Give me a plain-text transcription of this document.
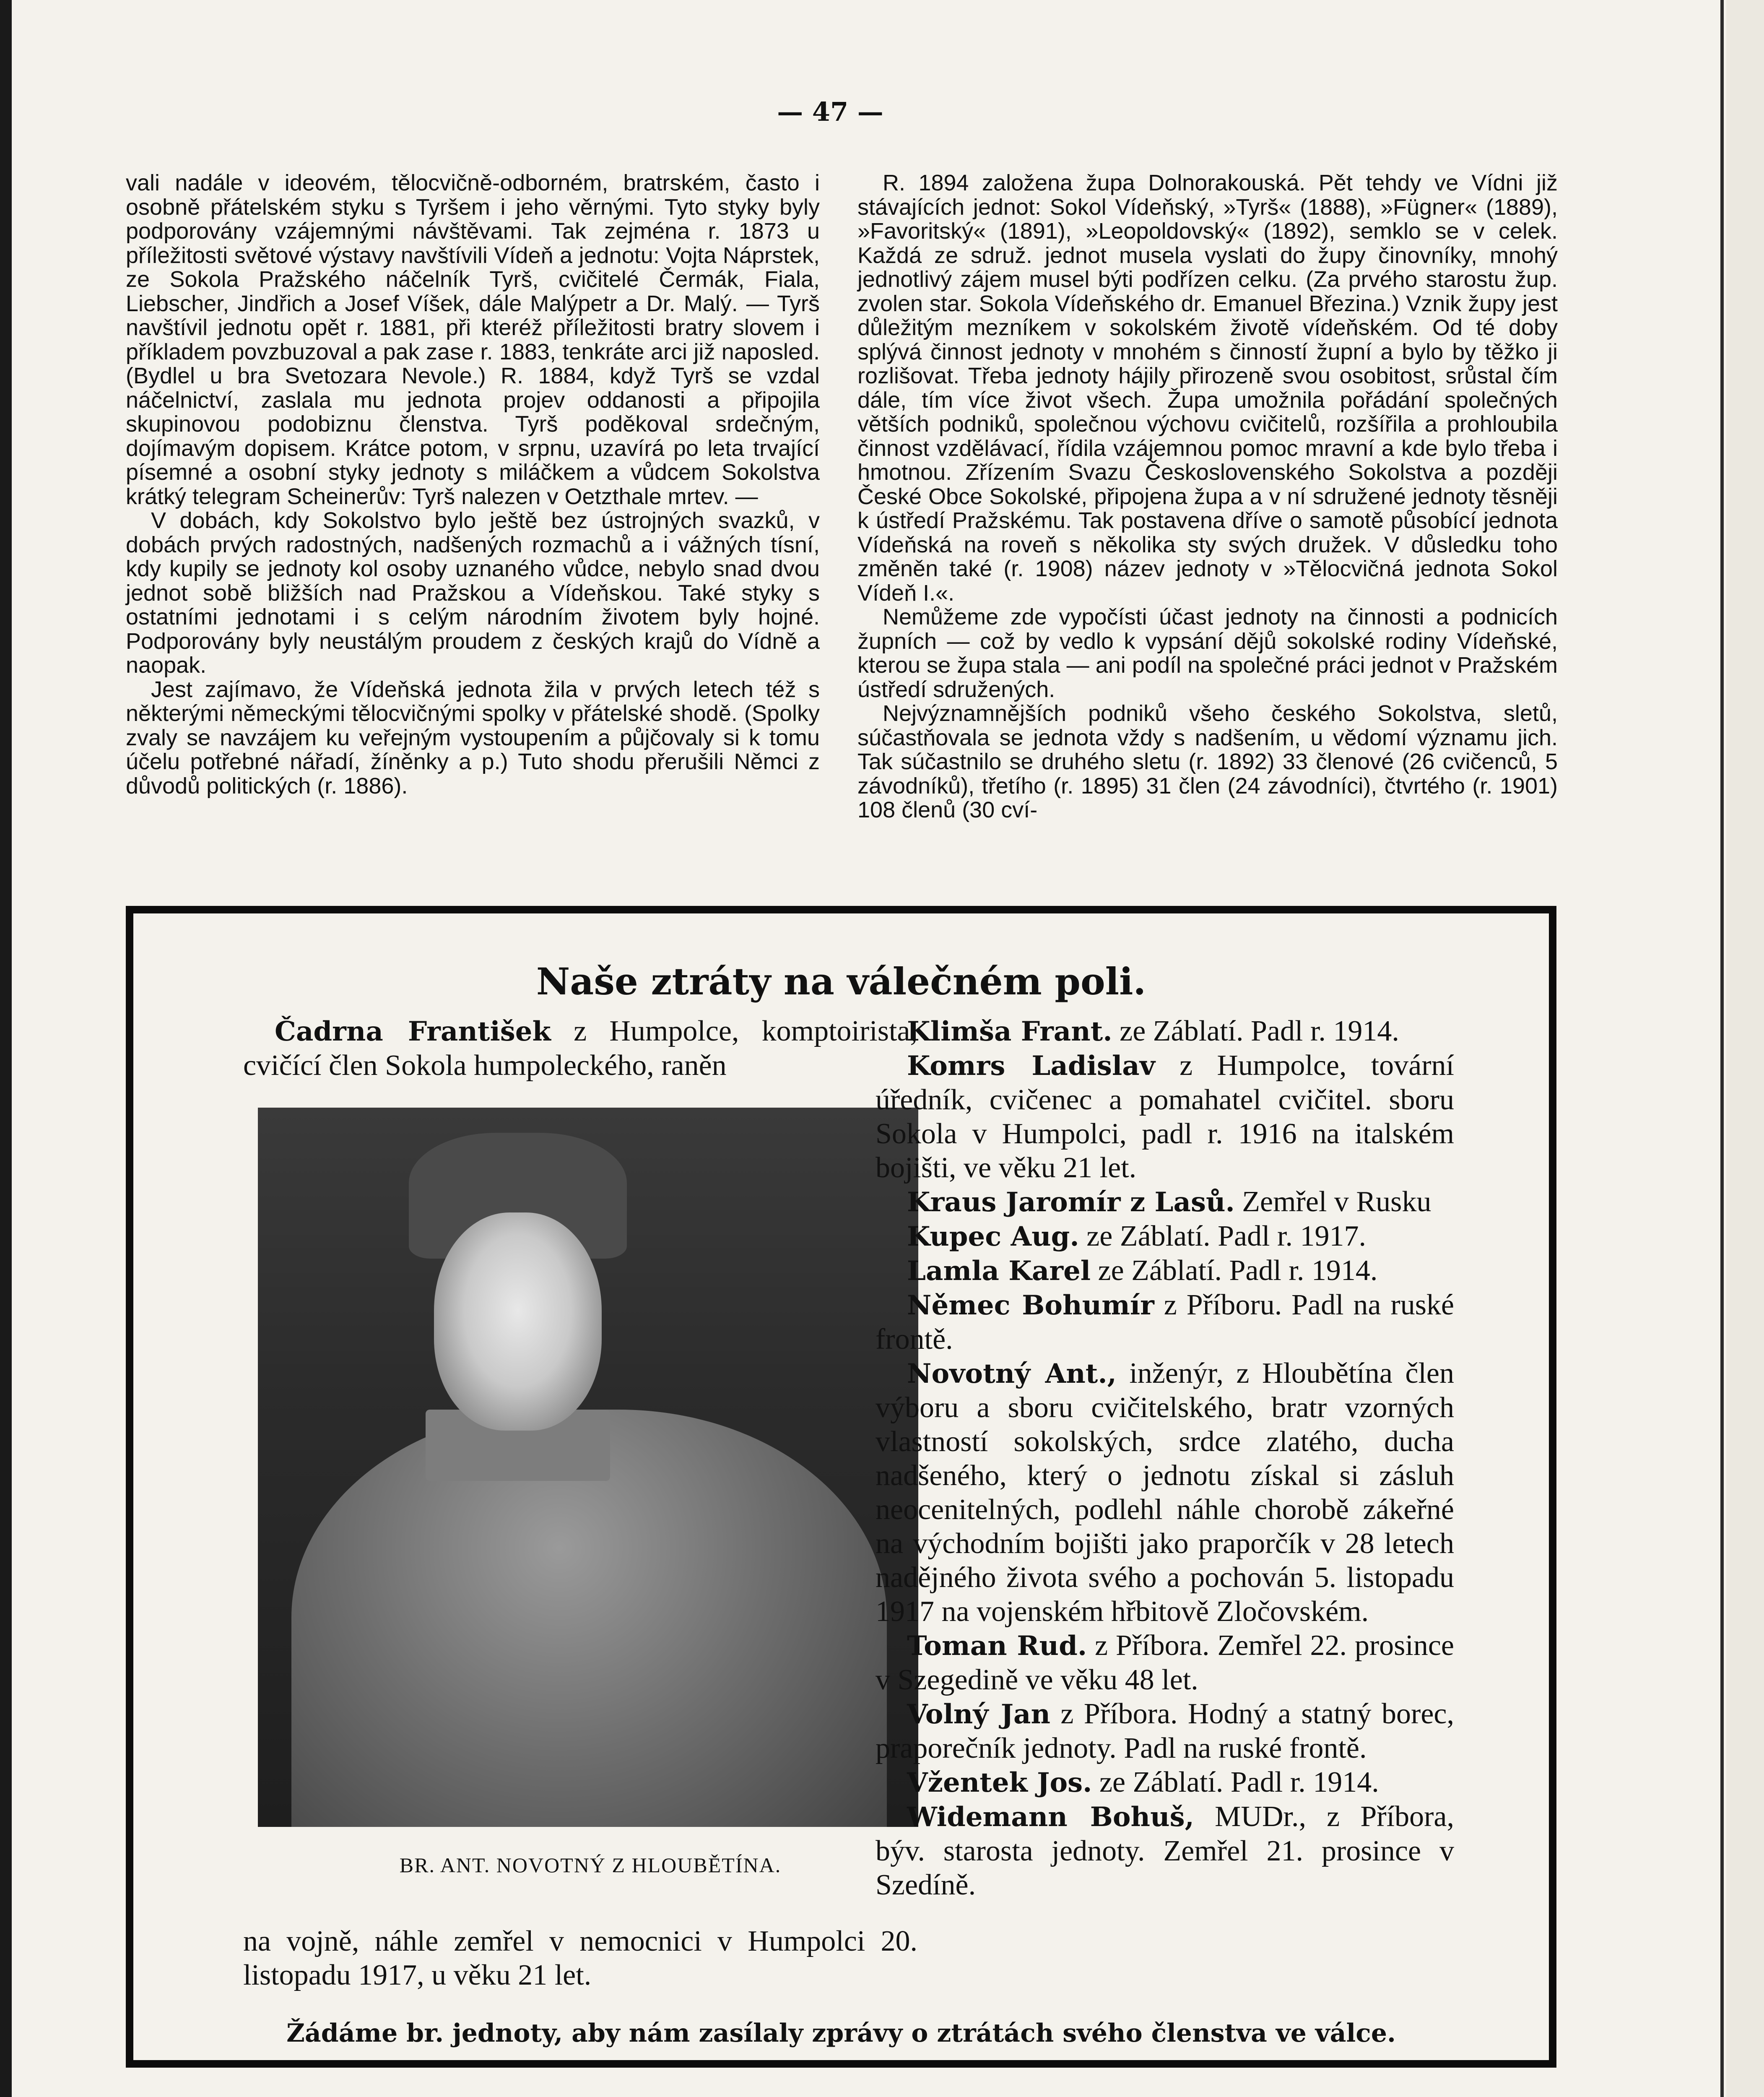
— 47 —

vali nadále v ideovém, tělocvičně-odborném, bratrském, často i osobně přátelském styku s Tyršem i jeho věrnými. Tyto styky byly podporovány vzájemnými návštěvami. Tak zejména r. 1873 u příležitosti světové výstavy navštívili Vídeň a jednotu: Vojta Náprstek, ze Sokola Pražského náčelník Tyrš, cvičitelé Čermák, Fiala, Liebscher, Jindřich a Josef Víšek, dále Malýpetr a Dr. Malý. — Tyrš navštívil jednotu opět r. 1881, při kteréž příležitosti bratry slovem i příkladem povzbuzoval a pak zase r. 1883, tenkráte arci již naposled. (Bydlel u bra Svetozara Nevole.) R. 1884, když Tyrš se vzdal náčelnictví, zaslala mu jednota projev oddanosti a připojila skupinovou podobiznu členstva. Tyrš poděkoval srdečným, dojímavým dopisem. Krátce potom, v srpnu, uzavírá po leta trvající písemné a osobní styky jednoty s miláčkem a vůdcem Sokolstva krátký telegram Scheinerův: Tyrš nalezen v Oetzthale mrtev. —

V dobách, kdy Sokolstvo bylo ještě bez ústrojných svazků, v dobách prvých radostných, nadšených rozmachů a i vážných tísní, kdy kupily se jednoty kol osoby uznaného vůdce, nebylo snad dvou jednot sobě bližších nad Pražskou a Vídeňskou. Také styky s ostatními jednotami i s celým národním životem byly hojné. Podporovány byly neustálým proudem z českých krajů do Vídně a naopak.

Jest zajímavo, že Vídeňská jednota žila v prvých letech též s některými německými tělocvičnými spolky v přátelské shodě. (Spolky zvaly se navzájem ku veřejným vystoupením a půjčovaly si k tomu účelu potřebné nářadí, žíněnky a p.) Tuto shodu přerušili Němci z důvodů politických (r. 1886).

R. 1894 založena župa Dolnorakouská. Pět tehdy ve Vídni již stávajících jednot: Sokol Vídeňský, »Tyrš« (1888), »Fügner« (1889), »Favoritský« (1891), »Leopoldovský« (1892), semklo se v celek. Každá ze sdruž. jednot musela vyslati do župy činovníky, mnohý jednotlivý zájem musel býti podřízen celku. (Za prvého starostu žup. zvolen star. Sokola Vídeňského dr. Emanuel Březina.) Vznik župy jest důležitým mezníkem v sokolském životě vídeňském. Od té doby splývá činnost jednoty v mnohém s činností župní a bylo by těžko ji rozlišovat. Třeba jednoty hájily přirozeně svou osobitost, srůstal čím dále, tím více život všech. Župa umožnila pořádání společných větších podniků, společnou výchovu cvičitelů, rozšířila a prohloubila činnost vzdělávací, řídila vzájemnou pomoc mravní a kde bylo třeba i hmotnou. Zřízením Svazu Československého Sokolstva a později České Obce Sokolské, připojena župa a v ní sdružené jednoty těsněji k ústředí Pražskému. Tak postavena dříve o samotě působící jednota Vídeňská na roveň s několika sty svých družek. V důsledku toho změněn také (r. 1908) název jednoty v »Tělocvičná jednota Sokol Vídeň I.«.

Nemůžeme zde vypočísti účast jednoty na činnosti a podnicích župních — což by vedlo k vypsání dějů sokolské rodiny Vídeňské, kterou se župa stala — ani podíl na společné práci jednot v Pražském ústředí sdružených.

Nejvýznamnějších podniků všeho českého Sokolstva, sletů, súčastňovala se jednota vždy s nadšením, u vědomí významu jich. Tak súčastnilo se druhého sletu (r. 1892) 33 členové (26 cvičenců, 5 závodníků), třetího (r. 1895) 31 člen (24 závodníci), čtvrtého (r. 1901) 108 členů (30 cví-

Naše ztráty na válečném poli.

Čadrna František z Humpolce, komptoirista, cvičící člen Sokola humpoleckého, raněn

BR. ANT. NOVOTNÝ Z HLOUBĚTÍNA.

na vojně, náhle zemřel v nemocnici v Humpolci 20. listopadu 1917, u věku 21 let.

Klimša Frant. ze Záblatí. Padl r. 1914.

Komrs Ladislav z Humpolce, tovární úředník, cvičenec a pomahatel cvičitel. sboru Sokola v Humpolci, padl r. 1916 na italském bojišti, ve věku 21 let.

Kraus Jaromír z Lasů. Zemřel v Rusku

Kupec Aug. ze Záblatí. Padl r. 1917.

Lamla Karel ze Záblatí. Padl r. 1914.

Němec Bohumír z Příboru. Padl na ruské frontě.

Novotný Ant., inženýr, z Hloubětína člen výboru a sboru cvičitelského, bratr vzorných vlastností sokolských, srdce zlatého, ducha nadšeného, který o jednotu získal si zásluh neocenitelných, podlehl náhle chorobě zákeřné na východním bojišti jako praporčík v 28 letech nadějného života svého a pochován 5. listopadu 1917 na vojenském hřbitově Zločovském.

Toman Rud. z Příbora. Zemřel 22. prosince v Szegedině ve věku 48 let.

Volný Jan z Příbora. Hodný a statný borec, praporečník jednoty. Padl na ruské frontě.

Vžentek Jos. ze Záblatí. Padl r. 1914.

Widemann Bohuš, MUDr., z Příbora, býv. starosta jednoty. Zemřel 21. prosince v Szedíně.

Žádáme br. jednoty, aby nám zasílaly zprávy o ztrátách svého členstva ve válce.
